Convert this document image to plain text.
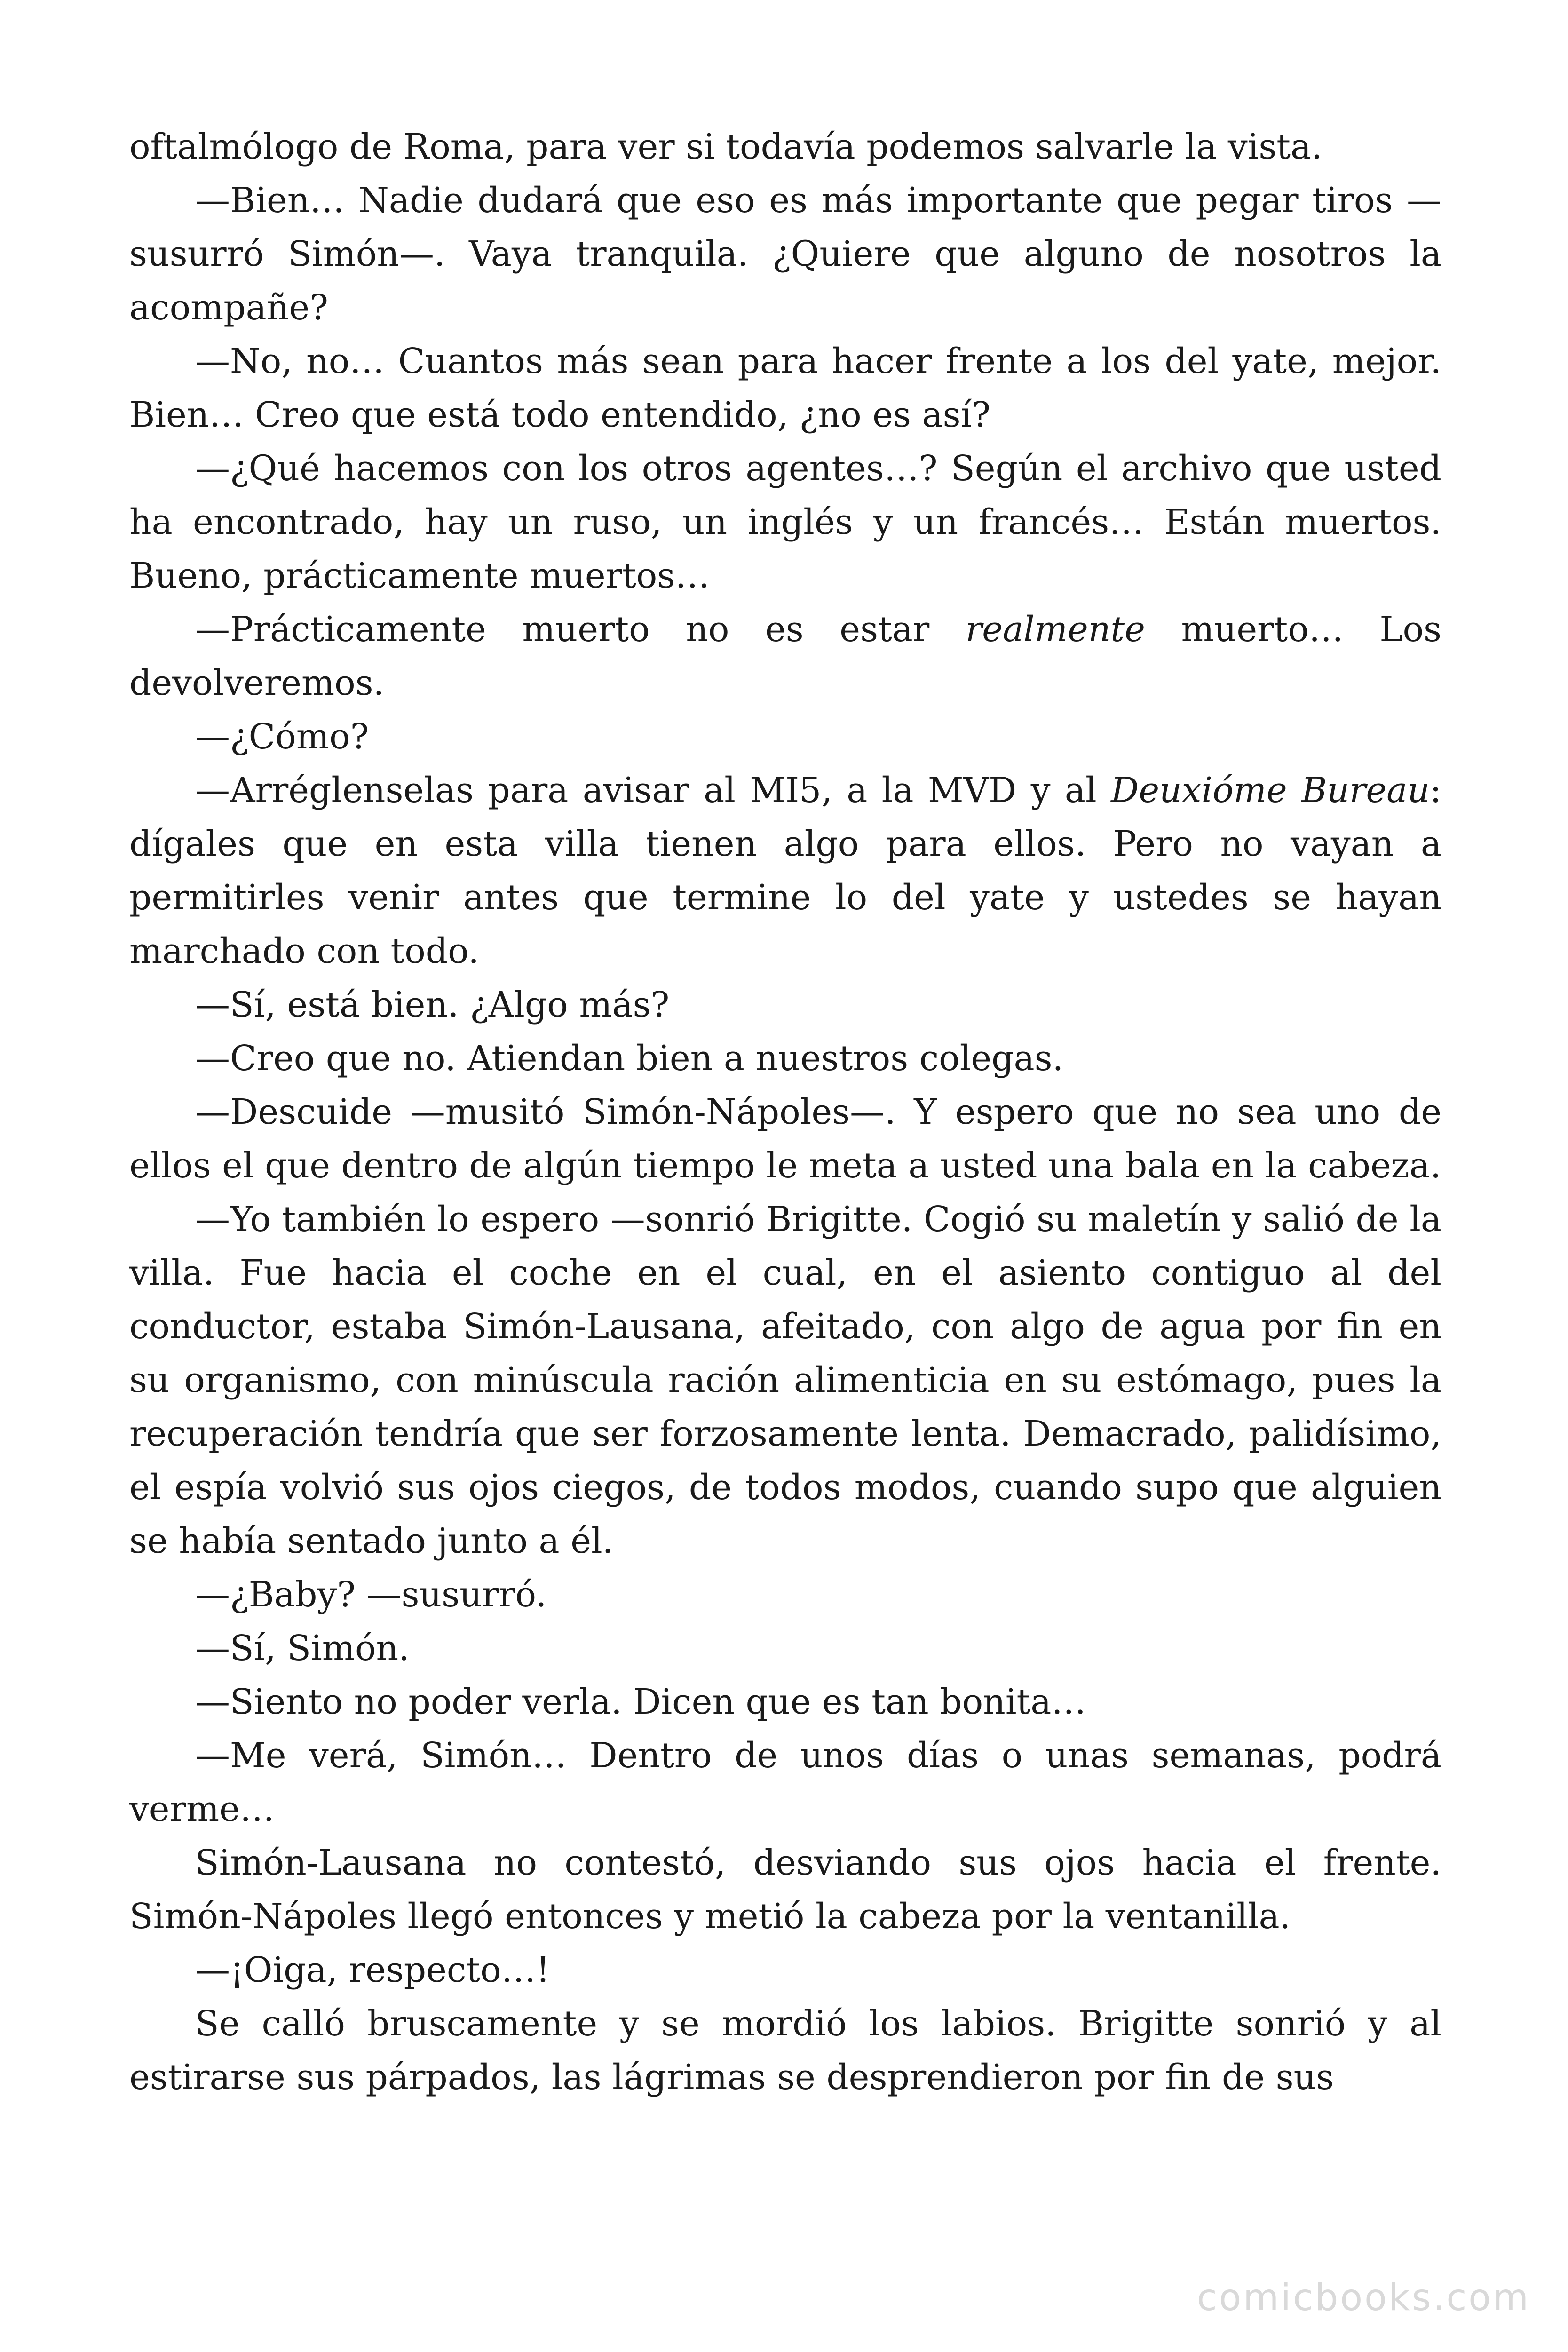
oftalmólogo de Roma, para ver si todavía podemos salvarle la vista.

—Bien… Nadie dudará que eso es más importante que pegar tiros —susurró Simón—. Vaya tranquila. ¿Quiere que alguno de nosotros la acompañe?

—No, no… Cuantos más sean para hacer frente a los del yate, mejor. Bien… Creo que está todo entendido, ¿no es así?

—¿Qué hacemos con los otros agentes…? Según el archivo que usted ha encontrado, hay un ruso, un inglés y un francés… Están muertos. Bueno, prácticamente muertos…

—Prácticamente muerto no es estar realmente muerto… Los devolveremos.

—¿Cómo?

—Arréglenselas para avisar al MI5, a la MVD y al Deuxióme Bureau: dígales que en esta villa tienen algo para ellos. Pero no vayan a permitirles venir antes que termine lo del yate y ustedes se hayan marchado con todo.

—Sí, está bien. ¿Algo más?

—Creo que no. Atiendan bien a nuestros colegas.

—Descuide —musitó Simón-Nápoles—. Y espero que no sea uno de ellos el que dentro de algún tiempo le meta a usted una bala en la cabeza.

—Yo también lo espero —sonrió Brigitte. Cogió su maletín y salió de la villa. Fue hacia el coche en el cual, en el asiento contiguo al del conductor, estaba Simón-Lausana, afeitado, con algo de agua por fin en su organismo, con minúscula ración alimenticia en su estómago, pues la recuperación tendría que ser forzosamente lenta. Demacrado, palidísimo, el espía volvió sus ojos ciegos, de todos modos, cuando supo que alguien se había sentado junto a él.

—¿Baby? —susurró.

—Sí, Simón.

—Siento no poder verla. Dicen que es tan bonita…

—Me verá, Simón… Dentro de unos días o unas semanas, podrá verme…

Simón-Lausana no contestó, desviando sus ojos hacia el frente. Simón-Nápoles llegó entonces y metió la cabeza por la ventanilla.

—¡Oiga, respecto…!

Se calló bruscamente y se mordió los labios. Brigitte sonrió y al estirarse sus párpados, las lágrimas se desprendieron por fin de sus

comicbooks.com
